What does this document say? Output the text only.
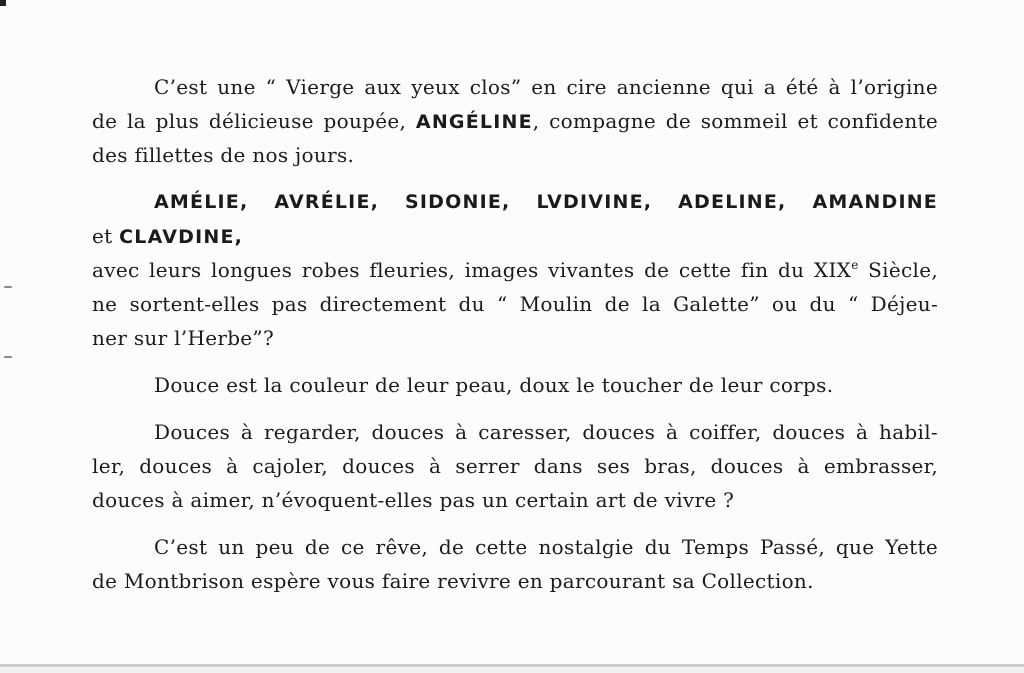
C’est une “ Vierge aux yeux clos” en cire ancienne qui a été à l’origine
de la plus délicieuse poupée, ANGÉLINE, compagne de sommeil et confidente
des fillettes de nos jours.
AMÉLIE, AVRÉLIE, SIDONIE, LVDIVINE, ADELINE, AMANDINE
et CLAVDINE,
avec leurs longues robes fleuries, images vivantes de cette fin du XIXe Siècle,
ne sortent-elles pas directement du “ Moulin de la Galette” ou du “ Déjeu-
ner sur l’Herbe”?
Douce est la couleur de leur peau, doux le toucher de leur corps.
Douces à regarder, douces à caresser, douces à coiffer, douces à habil-
ler, douces à cajoler, douces à serrer dans ses bras, douces à embrasser,
douces à aimer, n’évoquent-elles pas un certain art de vivre ?
C’est un peu de ce rêve, de cette nostalgie du Temps Passé, que Yette
de Montbrison espère vous faire revivre en parcourant sa Collection.
